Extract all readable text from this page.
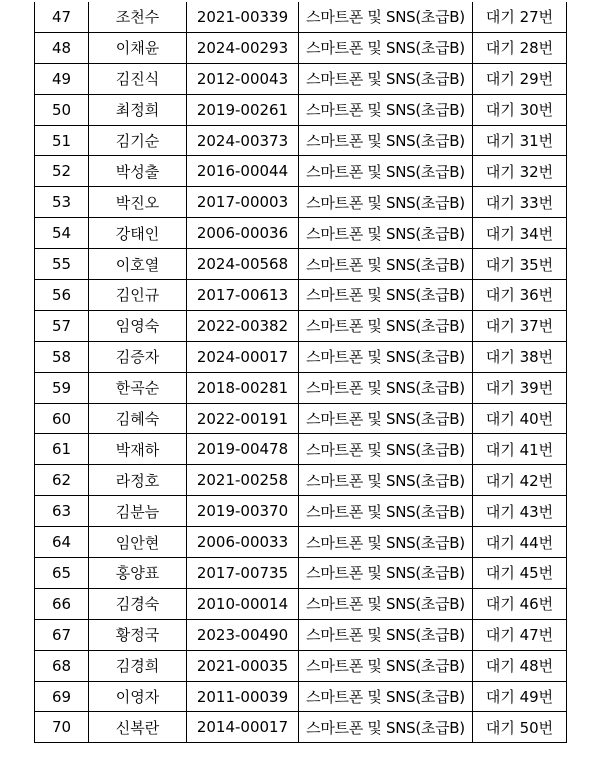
47	조천수	2021-00339	스마트폰 및 SNS(초급B)	대기 27번
48	이채윤	2024-00293	스마트폰 및 SNS(초급B)	대기 28번
49	김진식	2012-00043	스마트폰 및 SNS(초급B)	대기 29번
50	최정희	2019-00261	스마트폰 및 SNS(초급B)	대기 30번
51	김기순	2024-00373	스마트폰 및 SNS(초급B)	대기 31번
52	박성출	2016-00044	스마트폰 및 SNS(초급B)	대기 32번
53	박진오	2017-00003	스마트폰 및 SNS(초급B)	대기 33번
54	강태인	2006-00036	스마트폰 및 SNS(초급B)	대기 34번
55	이호열	2024-00568	스마트폰 및 SNS(초급B)	대기 35번
56	김인규	2017-00613	스마트폰 및 SNS(초급B)	대기 36번
57	임영숙	2022-00382	스마트폰 및 SNS(초급B)	대기 37번
58	김증자	2024-00017	스마트폰 및 SNS(초급B)	대기 38번
59	한곡순	2018-00281	스마트폰 및 SNS(초급B)	대기 39번
60	김혜숙	2022-00191	스마트폰 및 SNS(초급B)	대기 40번
61	박재하	2019-00478	스마트폰 및 SNS(초급B)	대기 41번
62	라정호	2021-00258	스마트폰 및 SNS(초급B)	대기 42번
63	김분늠	2019-00370	스마트폰 및 SNS(초급B)	대기 43번
64	임안현	2006-00033	스마트폰 및 SNS(초급B)	대기 44번
65	홍양표	2017-00735	스마트폰 및 SNS(초급B)	대기 45번
66	김경숙	2010-00014	스마트폰 및 SNS(초급B)	대기 46번
67	황정국	2023-00490	스마트폰 및 SNS(초급B)	대기 47번
68	김경희	2021-00035	스마트폰 및 SNS(초급B)	대기 48번
69	이영자	2011-00039	스마트폰 및 SNS(초급B)	대기 49번
70	신복란	2014-00017	스마트폰 및 SNS(초급B)	대기 50번
